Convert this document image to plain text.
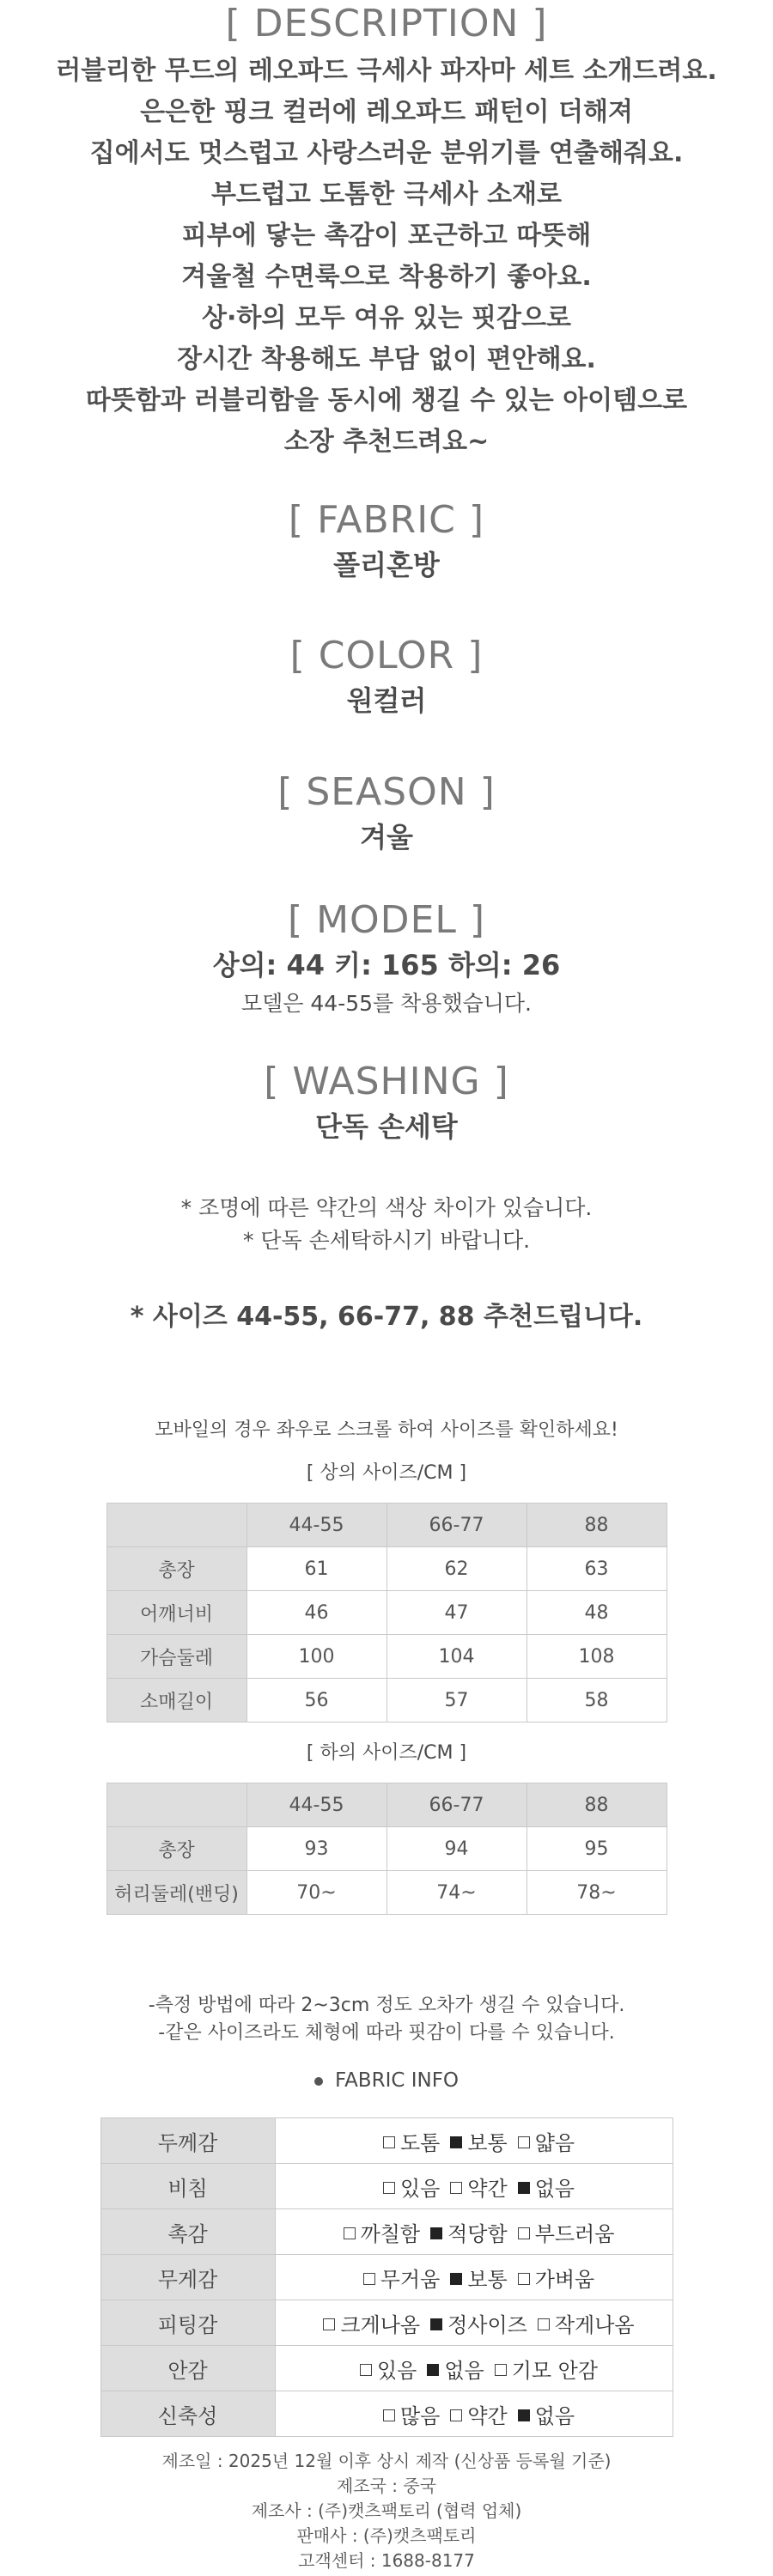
[ DESCRIPTION ]

러블리한 무드의 레오파드 극세사 파자마 세트 소개드려요.
은은한 핑크 컬러에 레오파드 패턴이 더해져
집에서도 멋스럽고 사랑스러운 분위기를 연출해줘요.
부드럽고 도톰한 극세사 소재로
피부에 닿는 촉감이 포근하고 따뜻해
겨울철 수면룩으로 착용하기 좋아요.
상·하의 모두 여유 있는 핏감으로
장시간 착용해도 부담 없이 편안해요.
따뜻함과 러블리함을 동시에 챙길 수 있는 아이템으로
소장 추천드려요~

[ FABRIC ]

폴리혼방

[ COLOR ]

원컬러

[ SEASON ]

겨울

[ MODEL ]

상의: 44 키: 165 하의: 26

모델은 44-55를 착용했습니다.

[ WASHING ]

단독 손세탁

* 조명에 따른 약간의 색상 차이가 있습니다.

* 단독 손세탁하시기 바랍니다.

* 사이즈 44-55, 66-77, 88 추천드립니다.

모바일의 경우 좌우로 스크롤 하여 사이즈를 확인하세요!
[ 상의 사이즈/CM ]
	44-55	66-77	88
총장	61	62	63
어깨너비	46	47	48
가슴둘레	100	104	108
소매길이	56	57	58
[ 하의 사이즈/CM ]
	44-55	66-77	88
총장	93	94	95
허리둘레(밴딩)	70~	74~	78~
-측정 방법에 따라 2~3cm 정도 오차가 생길 수 있습니다.
-같은 사이즈라도 체형에 따라 핏감이 다를 수 있습니다.
FABRIC INFO
두께감	도톰 보통 얇음
비침	있음 약간 없음
촉감	까칠함 적당함 부드러움
무게감	무거움 보통 가벼움
피팅감	크게나옴 정사이즈 작게나옴
안감	있음 없음 기모 안감
신축성	많음 약간 없음

제조일 : 2025년 12월 이후 상시 제작 (신상품 등록월 기준)

제조국 : 중국

제조사 : (주)캣츠팩토리 (협력 업체)

판매사 : (주)캣츠팩토리

고객센터 : 1688-8177
